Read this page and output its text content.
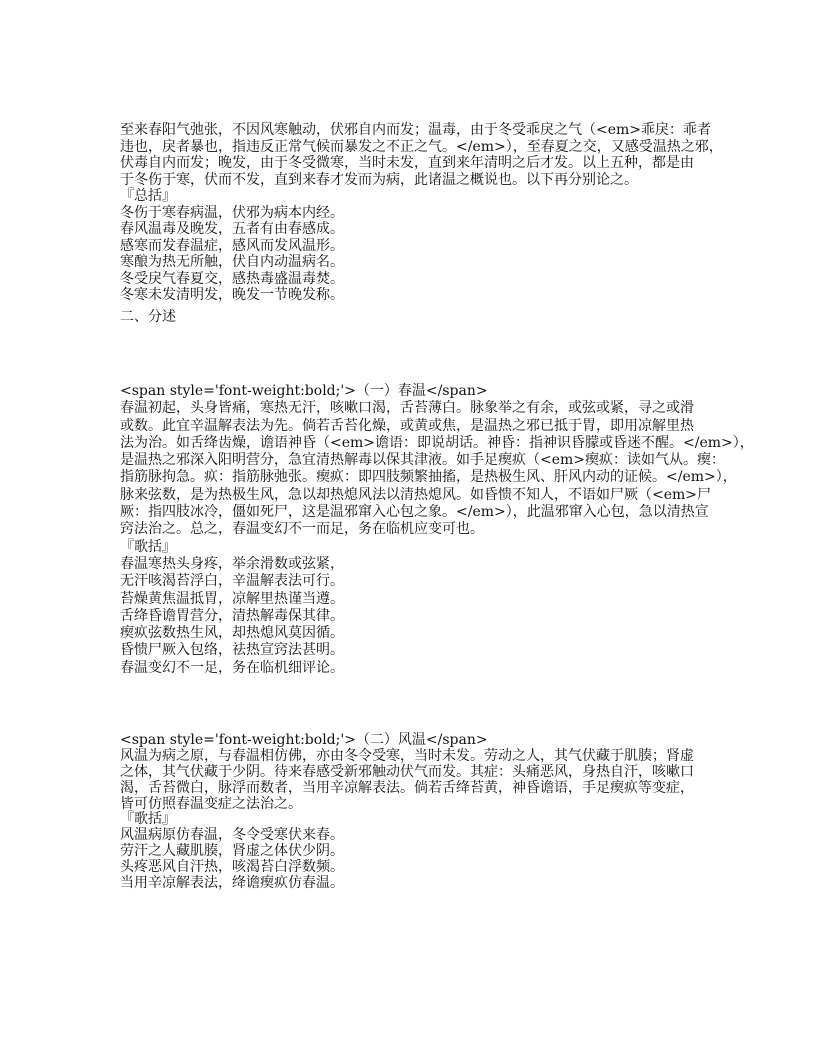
至来春阳气弛张，不因风寒触动，伏邪自内而发；温毒，由于冬受乖戾之气（<em>乖戾：乖者
违也，戾者暴也，指违反正常气候而暴发之不正之气。</em>），至春夏之交，又感受温热之邪，
伏毒自内而发；晚发，由于冬受微寒，当时未发，直到来年清明之后才发。以上五种，都是由
于冬伤于寒，伏而不发，直到来春才发而为病，此诸温之概说也。以下再分别论之。
『总括』
冬伤于寒春病温，伏邪为病本内经。
春风温毒及晚发，五者有由春感成。
感寒而发春温症，感风而发风温形。
寒酿为热无所触，伏自内动温病名。
冬受戾气春夏交，感热毒盛温毒焚。
冬寒未发清明发，晚发一节晚发称。
二、分述
<span style='font-weight:bold;'>（一）春温</span>
春温初起，头身皆痛，寒热无汗，咳嗽口渴，舌苔薄白。脉象举之有余，或弦或紧，寻之或滑
或数。此宜辛温解表法为先。倘若舌苔化燥，或黄或焦，是温热之邪已抵于胃，即用凉解里热
法为治。如舌绛齿燥，谵语神昏（<em>谵语：即说胡话。神昏：指神识昏朦或昏迷不醒。</em>），
是温热之邪深入阳明营分，急宜清热解毒以保其津液。如手足瘈疭（<em>瘈疭：读如气从。瘈：
指筋脉拘急。疭：指筋脉弛张。瘈疭：即四肢频繁抽搐，是热极生风、肝风内动的证候。</em>），
脉来弦数，是为热极生风，急以却热熄风法以清热熄风。如昏愦不知人，不语如尸厥（<em>尸
厥：指四肢冰冷，僵如死尸，这是温邪窜入心包之象。</em>），此温邪窜入心包，急以清热宣
窍法治之。总之，春温变幻不一而足，务在临机应变可也。
『歌括』
春温寒热头身疼，举余滑数或弦紧，
无汗咳渴苔浮白，辛温解表法可行。
苔燥黄焦温抵胃，凉解里热谨当遵。
舌绛昏谵胃营分，清热解毒保其律。
瘈疭弦数热生风，却热熄风莫因循。
昏愦尸厥入包络，祛热宣窍法甚明。
春温变幻不一足，务在临机细评论。
<span style='font-weight:bold;'>（二）风温</span>
风温为病之原，与春温相仿佛，亦由冬令受寒，当时未发。劳动之人，其气伏藏于肌腠；肾虚
之体，其气伏藏于少阴。待来春感受新邪触动伏气而发。其症：头痛恶风，身热自汗，咳嗽口
渴，舌苔微白，脉浮而数者，当用辛凉解表法。倘若舌绛苔黄，神昏谵语，手足瘈疭等变症，
皆可仿照春温变症之法治之。
『歌括』
风温病原仿春温，冬令受寒伏来春。
劳汗之人藏肌腠，肾虚之体伏少阴。
头疼恶风自汗热，咳渴苔白浮数频。
当用辛凉解表法，绛谵瘈疭仿春温。
